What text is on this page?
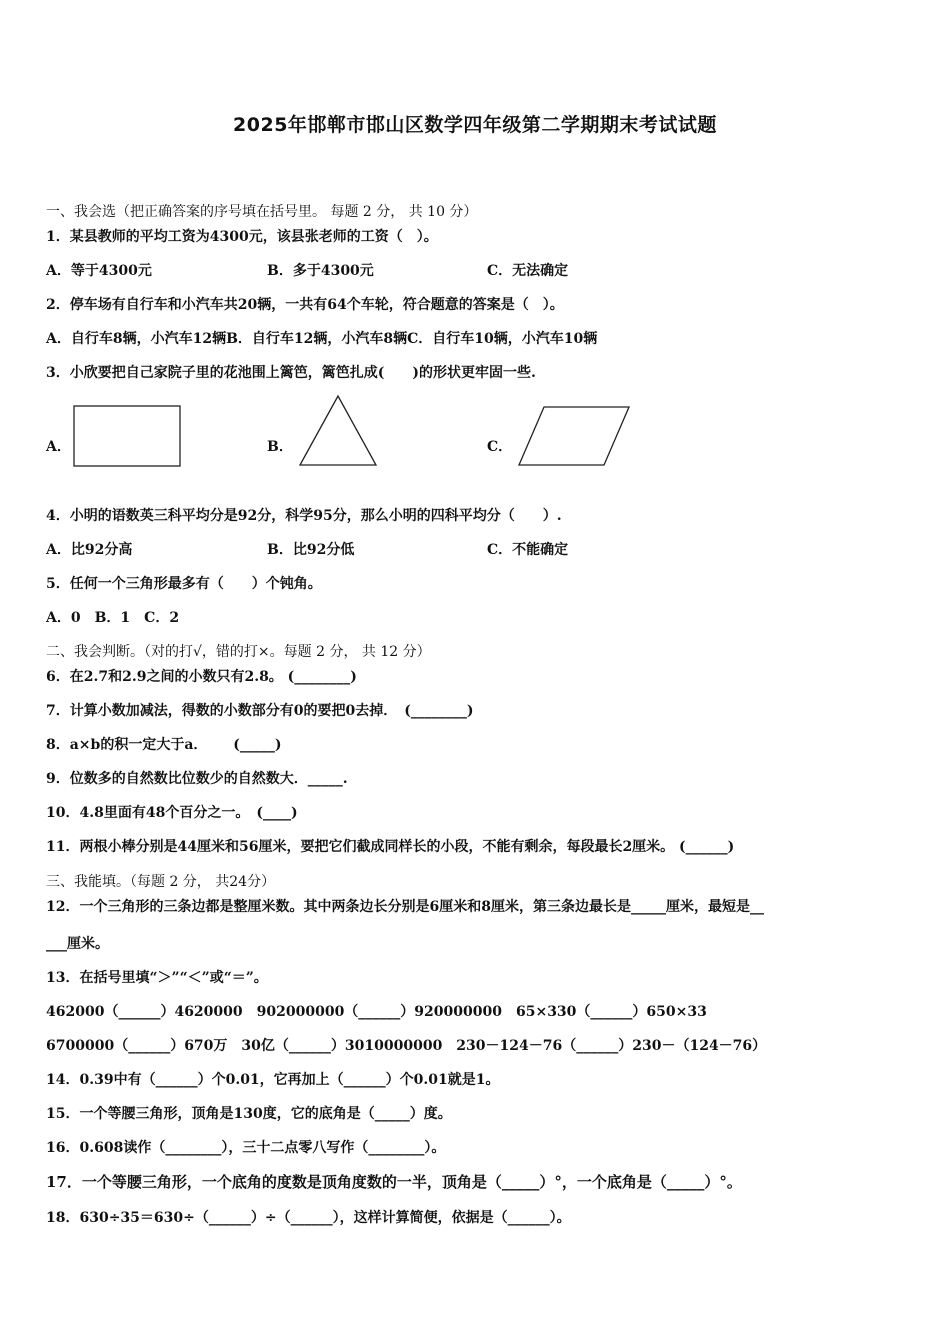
2025年邯郸市邯山区数学四年级第二学期期末考试试题
一、我会选（把正确答案的序号填在括号里。 每题 2 分， 共 10 分）
1．某县教师的平均工资为4300元，该县张老师的工资（　）。
A．等于4300元	B．多于4300元	C．无法确定
2．停车场有自行车和小汽车共20辆，一共有64个车轮，符合题意的答案是（　）。
A．自行车8辆，小汽车12辆B．自行车12辆，小汽车8辆C．自行车10辆，小汽车10辆
3．小欣要把自己家院子里的花池围上篱笆，篱笆扎成(　　)的形状更牢固一些.
A．	B．	C．
4．小明的语数英三科平均分是92分，科学95分，那么小明的四科平均分（　　）.
A．比92分高	B．比92分低	C．不能确定
5．任何一个三角形最多有（　　）个钝角。
A．0　B．1　C．2
二、我会判断。（对的打√，错的打×。每题 2 分， 共 12 分）
6．在2.7和2.9之间的小数只有2.8。 (________)
7．计算小数加减法，得数的小数部分有0的要把0去掉．　(________)
8．a×b的积一定大于a．　　 (_____)
9．位数多的自然数比位数少的自然数大．_____.
10．4.8里面有48个百分之一。　(____)
11．两根小棒分别是44厘米和56厘米，要把它们截成同样长的小段，不能有剩余，每段最长2厘米。 (______)
三、我能填。（每题 2 分， 共24分）
12．一个三角形的三条边都是整厘米数。其中两条边长分别是6厘米和8厘米，第三条边最长是_____厘米，最短是__
___厘米。
13．在括号里填“＞”“＜”或“＝”。
462000（______）4620000　902000000（______）920000000　65×330（______）650×33
6700000（______）670万　30亿（______）3010000000　230－124－76（______）230－（124－76）
14．0.39中有（______）个0.01，它再加上（______）个0.01就是1。
15．一个等腰三角形，顶角是130度，它的底角是（_____）度。
16．0.608读作（________），三十二点零八写作（________）。
17．一个等腰三角形，一个底角的度数是顶角度数的一半，顶角是（_____）°，一个底角是（_____）°。
18．630÷35＝630÷（______）÷（______），这样计算简便，依据是（______）。
